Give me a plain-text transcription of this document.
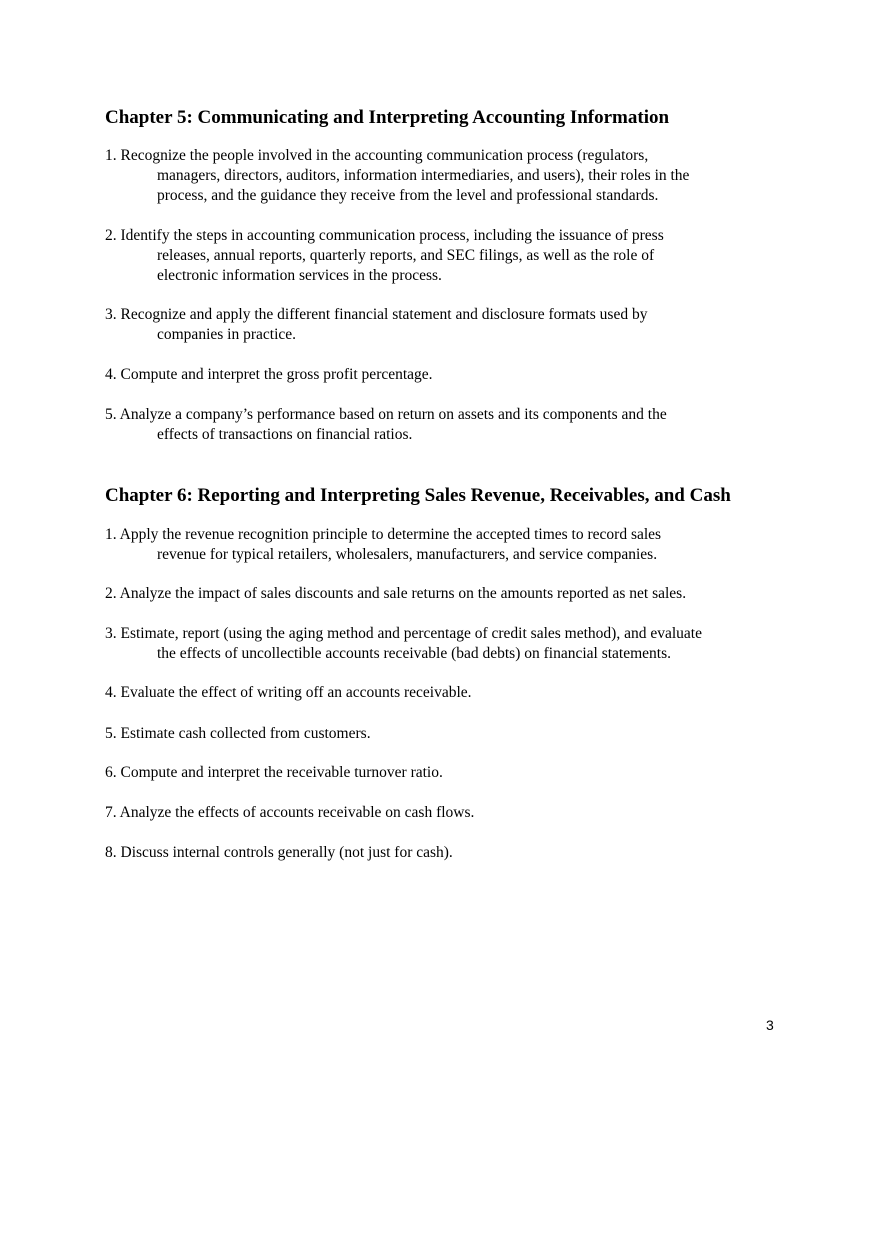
Chapter 5: Communicating and Interpreting Accounting Information
1. Recognize the people involved in the accounting communication process (regulators,
managers, directors, auditors, information intermediaries, and users), their roles in the
process, and the guidance they receive from the level and professional standards.
2. Identify the steps in accounting communication process, including the issuance of press
releases, annual reports, quarterly reports, and SEC filings, as well as the role of
electronic information services in the process.
3. Recognize and apply the different financial statement and disclosure formats used by
companies in practice.
4. Compute and interpret the gross profit percentage.
5. Analyze a company’s performance based on return on assets and its components and the
effects of transactions on financial ratios.
Chapter 6: Reporting and Interpreting Sales Revenue, Receivables, and Cash
1. Apply the revenue recognition principle to determine the accepted times to record sales
revenue for typical retailers, wholesalers, manufacturers, and service companies.
2. Analyze the impact of sales discounts and sale returns on the amounts reported as net sales.
3. Estimate, report (using the aging method and percentage of credit sales method), and evaluate
the effects of uncollectible accounts receivable (bad debts) on financial statements.
4. Evaluate the effect of writing off an accounts receivable.
5. Estimate cash collected from customers.
6. Compute and interpret the receivable turnover ratio.
7. Analyze the effects of accounts receivable on cash flows.
8. Discuss internal controls generally (not just for cash).
3
